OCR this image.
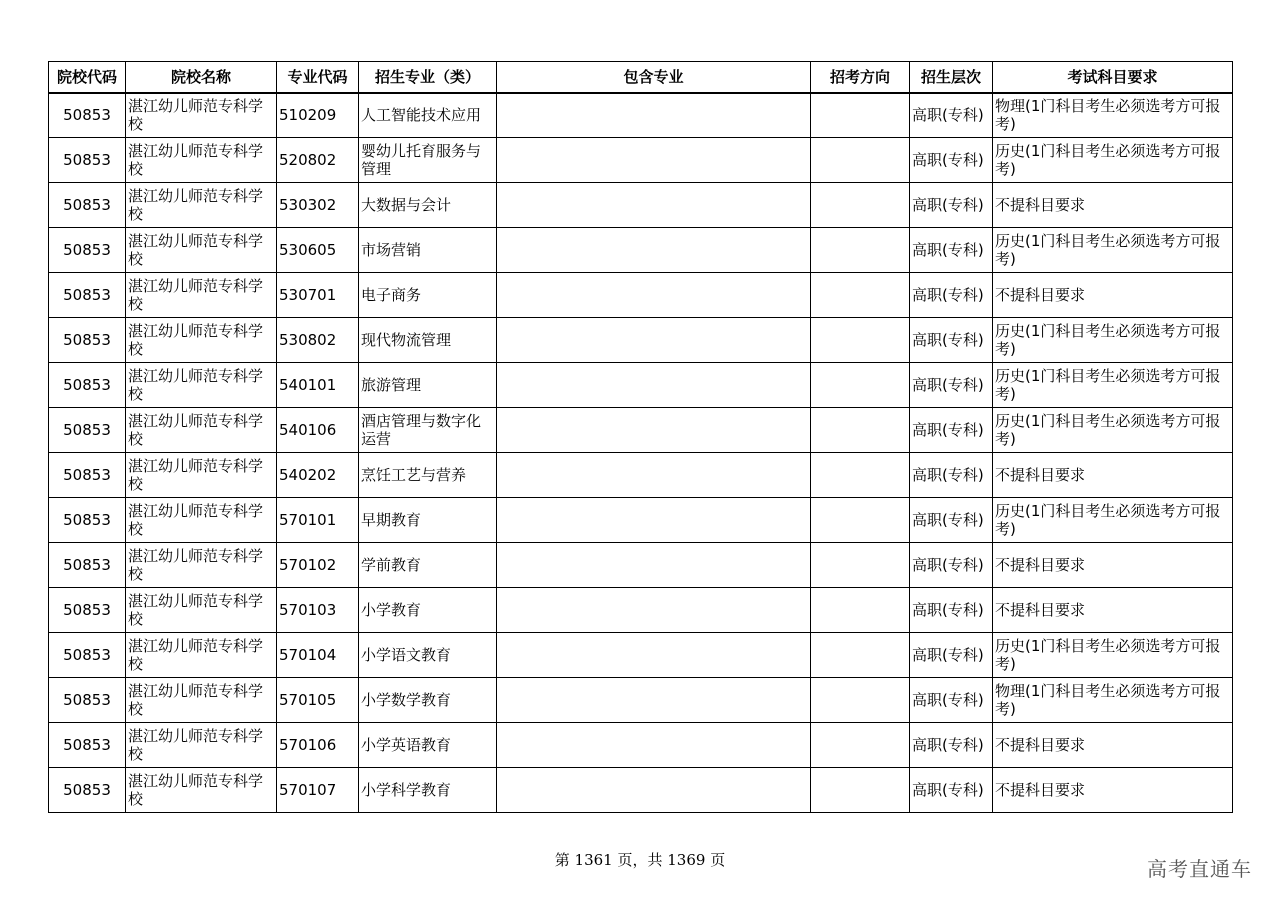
院校代码	院校名称	专业代码	招生专业（类）	包含专业	招考方向	招生层次	考试科目要求
50853	湛江幼儿师范专科学校	510209	人工智能技术应用			高职(专科)	物理(1门科目考生必须选考方可报考)
50853	湛江幼儿师范专科学校	520802	婴幼儿托育服务与管理			高职(专科)	历史(1门科目考生必须选考方可报考)
50853	湛江幼儿师范专科学校	530302	大数据与会计			高职(专科)	不提科目要求
50853	湛江幼儿师范专科学校	530605	市场营销			高职(专科)	历史(1门科目考生必须选考方可报考)
50853	湛江幼儿师范专科学校	530701	电子商务			高职(专科)	不提科目要求
50853	湛江幼儿师范专科学校	530802	现代物流管理			高职(专科)	历史(1门科目考生必须选考方可报考)
50853	湛江幼儿师范专科学校	540101	旅游管理			高职(专科)	历史(1门科目考生必须选考方可报考)
50853	湛江幼儿师范专科学校	540106	酒店管理与数字化运营			高职(专科)	历史(1门科目考生必须选考方可报考)
50853	湛江幼儿师范专科学校	540202	烹饪工艺与营养			高职(专科)	不提科目要求
50853	湛江幼儿师范专科学校	570101	早期教育			高职(专科)	历史(1门科目考生必须选考方可报考)
50853	湛江幼儿师范专科学校	570102	学前教育			高职(专科)	不提科目要求
50853	湛江幼儿师范专科学校	570103	小学教育			高职(专科)	不提科目要求
50853	湛江幼儿师范专科学校	570104	小学语文教育			高职(专科)	历史(1门科目考生必须选考方可报考)
50853	湛江幼儿师范专科学校	570105	小学数学教育			高职(专科)	物理(1门科目考生必须选考方可报考)
50853	湛江幼儿师范专科学校	570106	小学英语教育			高职(专科)	不提科目要求
50853	湛江幼儿师范专科学校	570107	小学科学教育			高职(专科)	不提科目要求
第 1361 页，共 1369 页	高考直通车
